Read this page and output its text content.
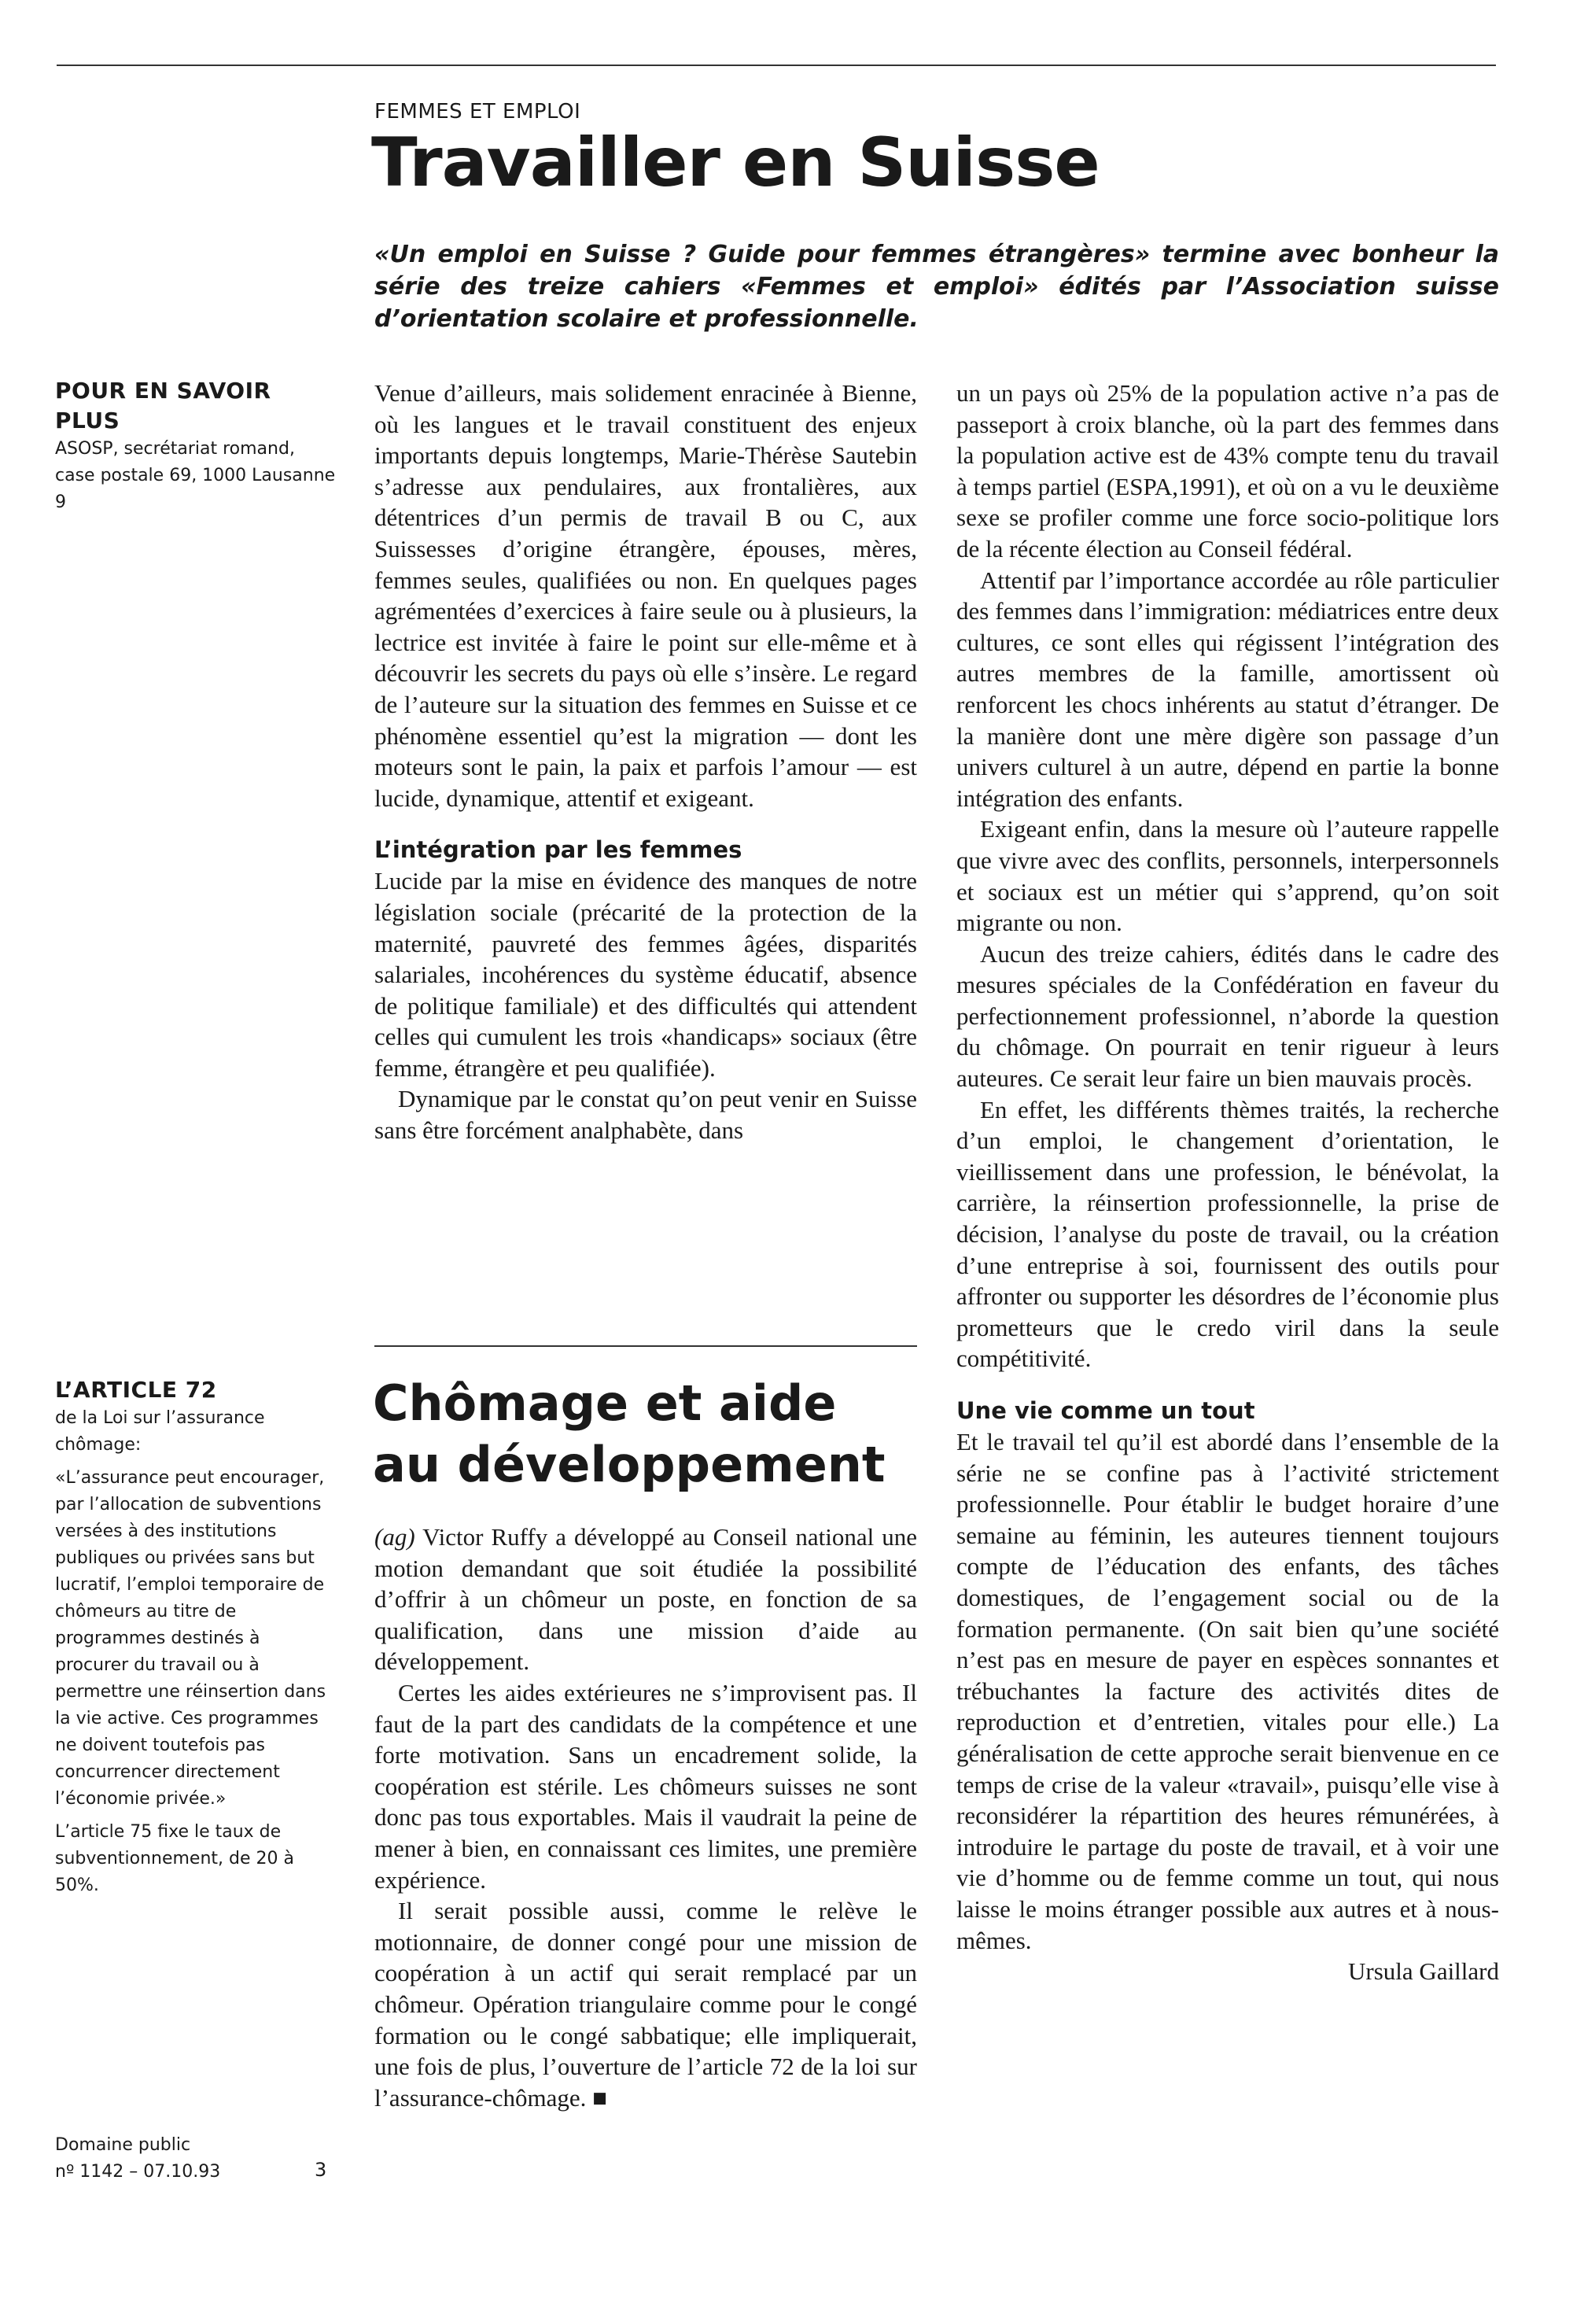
FEMMES ET EMPLOI
Travailler en Suisse

«Un emploi en Suisse ? Guide pour femmes étrangères» termine avec bonheur la série des treize cahiers «Femmes et emploi» édités par l’Association suisse d’orientation scolaire et professionnelle.

POUR EN SAVOIR PLUS

ASOSP, secrétariat romand, case postale 69, 1000 Lausanne 9

L’ARTICLE 72

de la Loi sur l’assurance chômage:

«L’assurance peut encourager, par l’allocation de subventions versées à des institutions publiques ou privées sans but lucratif, l’emploi temporaire de chômeurs au titre de programmes destinés à procurer du travail ou à permettre une réinsertion dans la vie active. Ces programmes ne doivent toutefois pas concurrencer directement l’économie privée.»

L’article 75 fixe le taux de subventionnement, de 20 à 50%.

Domaine public
nº 1142 – 07.10.93	3

Venue d’ailleurs, mais solidement enracinée à Bienne, où les langues et le travail constituent des enjeux importants depuis longtemps, Marie-Thérèse Sautebin s’adresse aux pendulaires, aux frontalières, aux détentrices d’un permis de travail B ou C, aux Suissesses d’origine étrangère, épouses, mères, femmes seules, qualifiées ou non. En quelques pages agrémentées d’exercices à faire seule ou à plusieurs, la lectrice est invitée à faire le point sur elle-même et à découvrir les secrets du pays où elle s’insère. Le regard de l’auteure sur la situation des femmes en Suisse et ce phénomène essentiel qu’est la migration — dont les moteurs sont le pain, la paix et parfois l’amour — est lucide, dynamique, attentif et exigeant.

L’intégration par les femmes

Lucide par la mise en évidence des manques de notre législation sociale (précarité de la protection de la maternité, pauvreté des femmes âgées, disparités salariales, incohérences du système éducatif, absence de politique familiale) et des difficultés qui attendent celles qui cumulent les trois «handicaps» sociaux (être femme, étrangère et peu qualifiée).

Dynamique par le constat qu’on peut venir en Suisse sans être forcément analphabète, dans

Chômage et aide
au développement

(ag) Victor Ruffy a développé au Conseil national une motion demandant que soit étudiée la possibilité d’offrir à un chômeur un poste, en fonction de sa qualification, dans une mission d’aide au développement.

Certes les aides extérieures ne s’improvisent pas. Il faut de la part des candidats de la compétence et une forte motivation. Sans un encadrement solide, la coopération est stérile. Les chômeurs suisses ne sont donc pas tous exportables. Mais il vaudrait la peine de mener à bien, en connaissant ces limites, une première expérience.

Il serait possible aussi, comme le relève le motionnaire, de donner congé pour une mission de coopération à un actif qui serait remplacé par un chômeur. Opération triangulaire comme pour le congé formation ou le congé sabbatique; elle impliquerait, une fois de plus, l’ouverture de l’article 72 de la loi sur l’assurance-chômage. ■

un un pays où 25% de la population active n’a pas de passeport à croix blanche, où la part des femmes dans la population active est de 43% compte tenu du travail à temps partiel (ESPA,1991), et où on a vu le deuxième sexe se profiler comme une force socio-politique lors de la récente élection au Conseil fédéral.

Attentif par l’importance accordée au rôle particulier des femmes dans l’immigration: médiatrices entre deux cultures, ce sont elles qui régissent l’intégration des autres membres de la famille, amortissent où renforcent les chocs inhérents au statut d’étranger. De la manière dont une mère digère son passage d’un univers culturel à un autre, dépend en partie la bonne intégration des enfants.

Exigeant enfin, dans la mesure où l’auteure rappelle que vivre avec des conflits, personnels, interpersonnels et sociaux est un métier qui s’apprend, qu’on soit migrante ou non.

Aucun des treize cahiers, édités dans le cadre des mesures spéciales de la Confédération en faveur du perfectionnement professionnel, n’aborde la question du chômage. On pourrait en tenir rigueur à leurs auteures. Ce serait leur faire un bien mauvais procès.

En effet, les différents thèmes traités, la recherche d’un emploi, le changement d’orientation, le vieillissement dans une profession, le bénévolat, la carrière, la réinsertion professionnelle, la prise de décision, l’analyse du poste de travail, ou la création d’une entreprise à soi, fournissent des outils pour affronter ou supporter les désordres de l’économie plus prometteurs que le credo viril dans la seule compétitivité.

Une vie comme un tout

Et le travail tel qu’il est abordé dans l’ensemble de la série ne se confine pas à l’activité strictement professionnelle. Pour établir le budget horaire d’une semaine au féminin, les auteures tiennent toujours compte de l’éducation des enfants, des tâches domestiques, de l’engagement social ou de la formation permanente. (On sait bien qu’une société n’est pas en mesure de payer en espèces sonnantes et trébuchantes la facture des activités dites de reproduction et d’entretien, vitales pour elle.) La généralisation de cette approche serait bienvenue en ce temps de crise de la valeur «travail», puisqu’elle vise à reconsidérer la répartition des heures rémunérées, à introduire le partage du poste de travail, et à voir une vie d’homme ou de femme comme un tout, qui nous laisse le moins étranger possible aux autres et à nous-mêmes.

Ursula Gaillard
